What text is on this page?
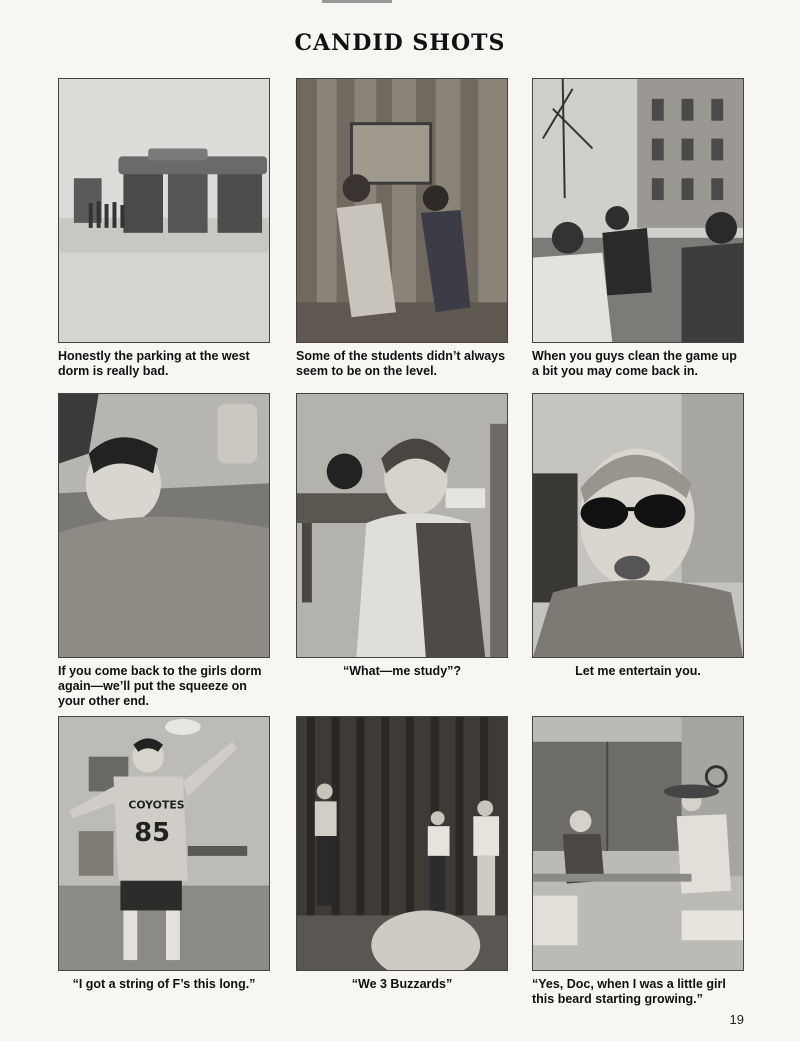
CANDID SHOTS
Honestly the parking at the west dorm is really bad.
Some of the students didn’t always seem to be on the level.
When you guys clean the game up a bit you may come back in.
If you come back to the girls dorm again—we’ll put the squeeze on your other end.
“What—me study”?	Let me entertain you.
COYOTES
85
“I got a string of F’s this long.”	“We 3 Buzzards”	“Yes, Doc, when I was a little girl this beard starting growing.”
19
